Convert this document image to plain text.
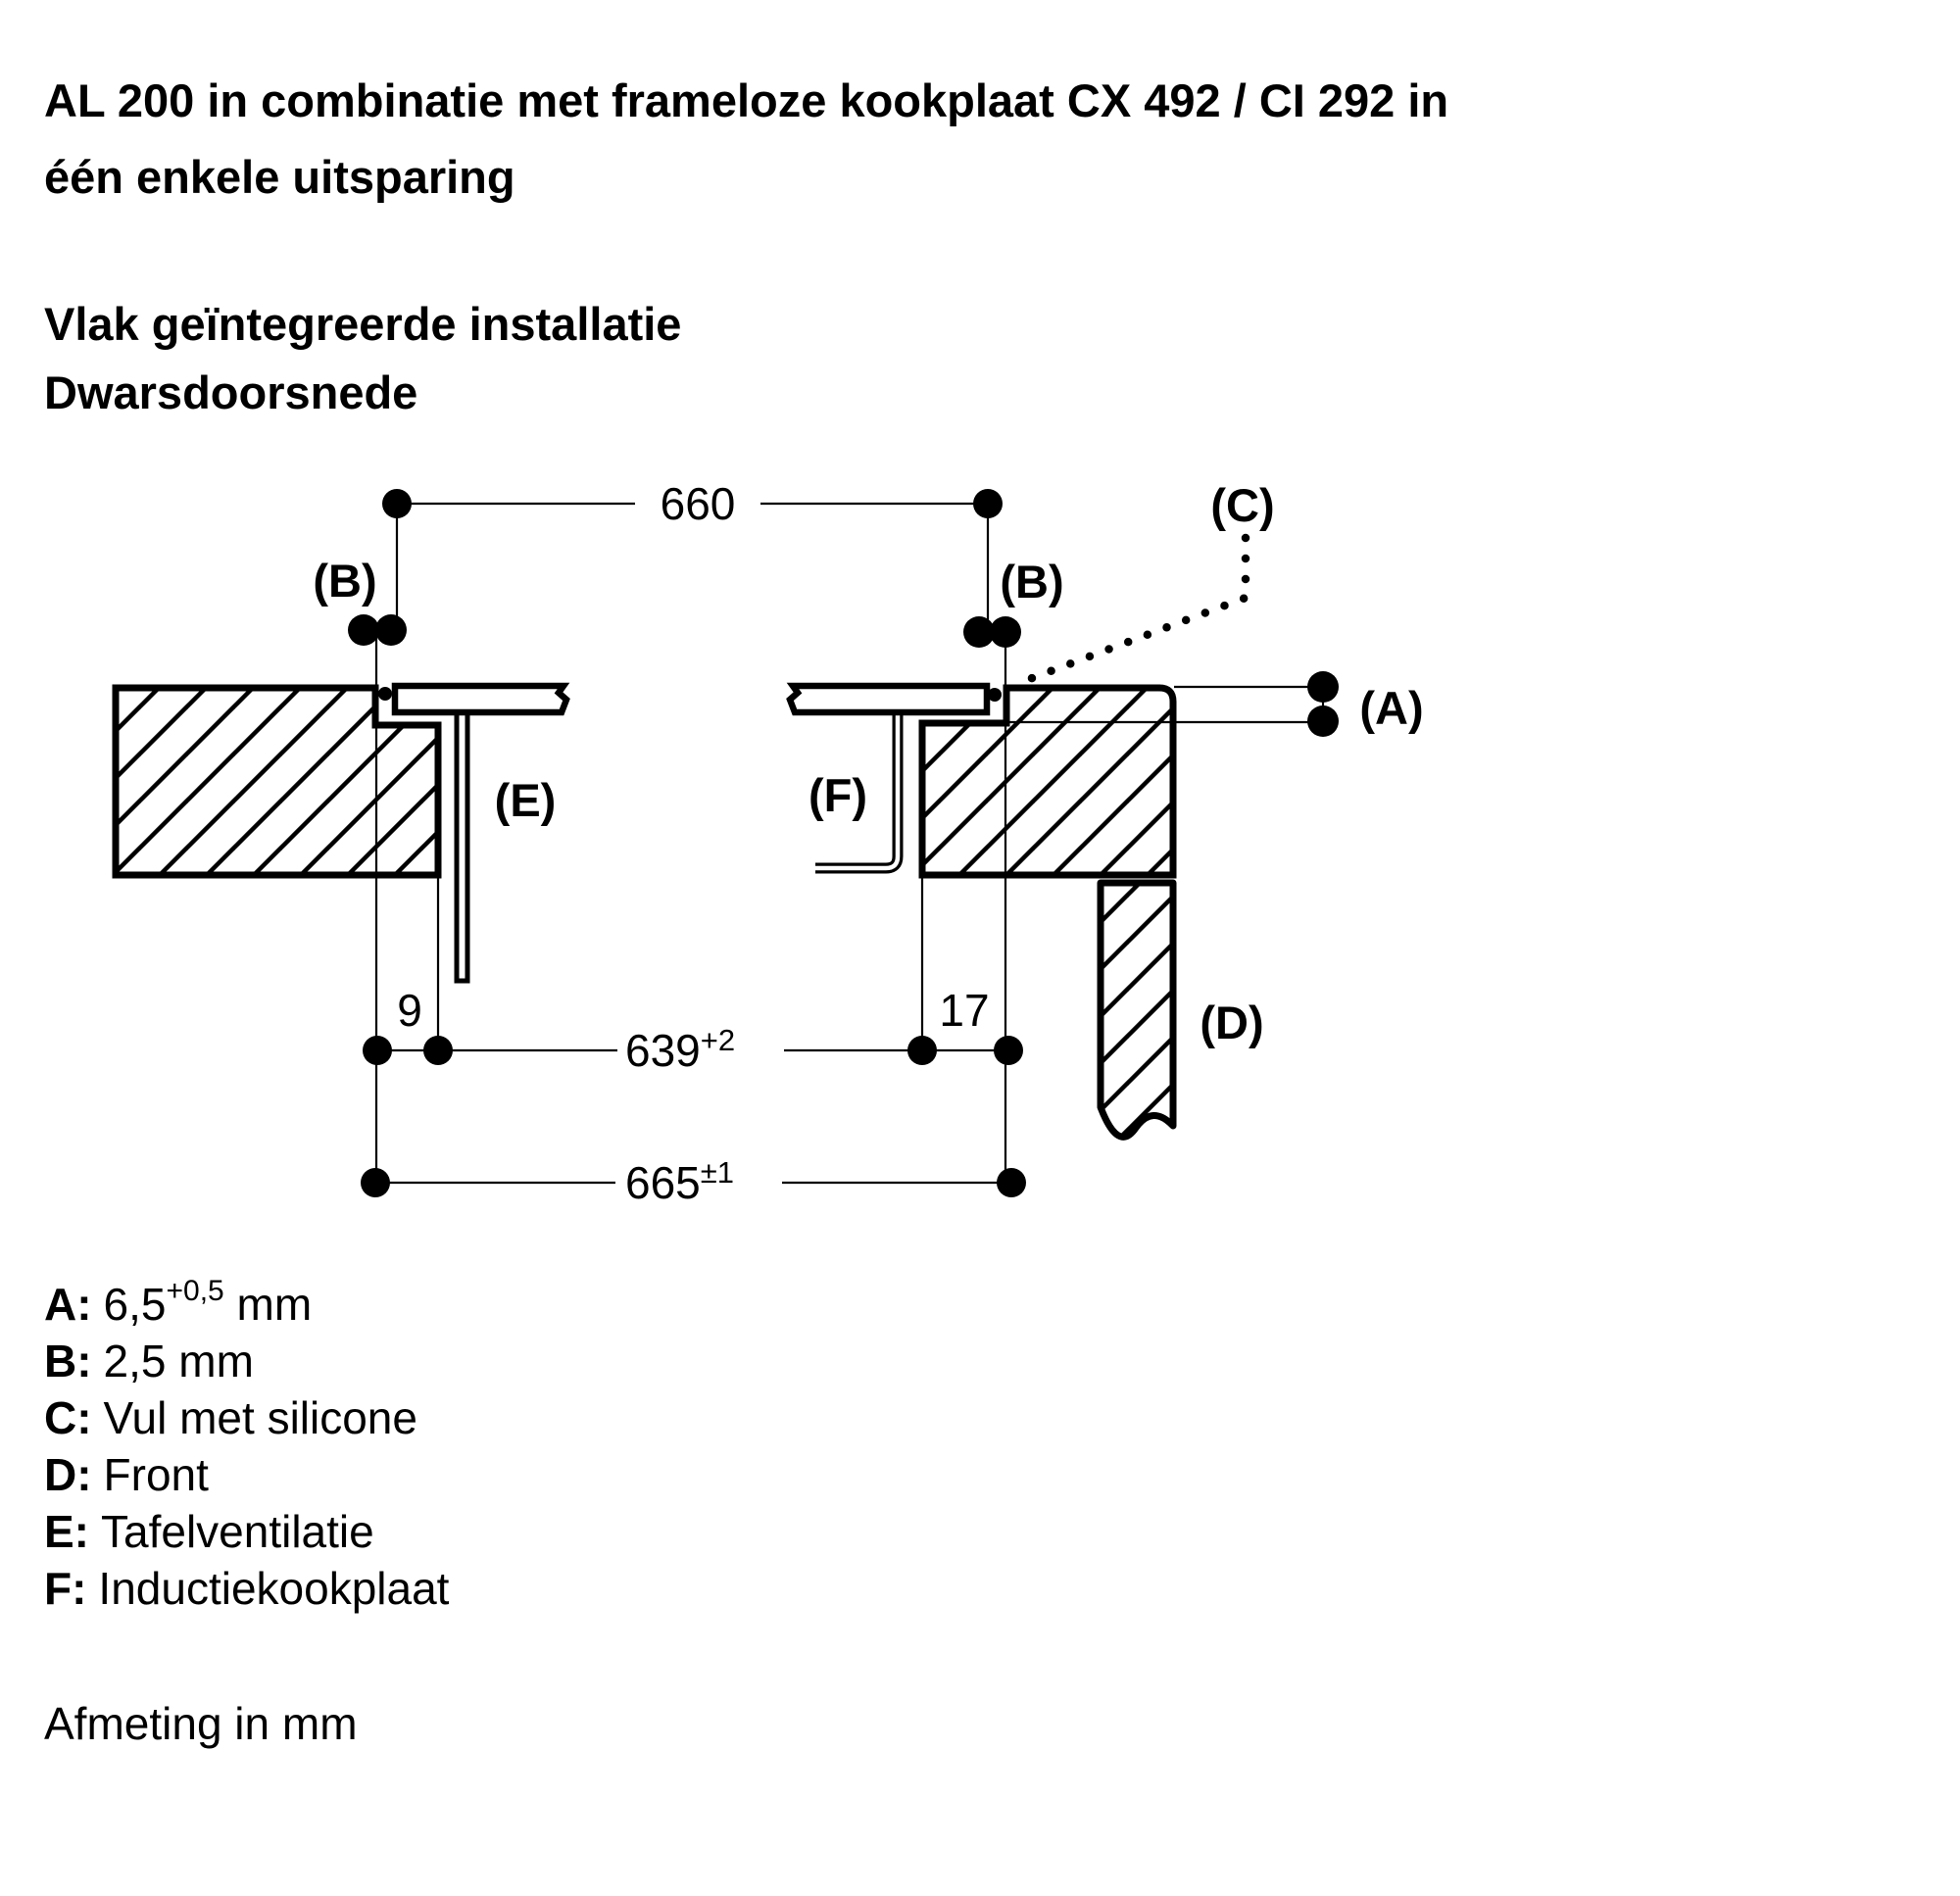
AL 200 in combinatie met frameloze kookplaat CX 492 / CI 292 in
één enkele uitsparing
Vlak geïntegreerde installatie
Dwarsdoorsnede
660
9	17
$639^{+2}$
$665^{\pm 1}$
(A)
(B)	(B)
(C)
(D)
(E)	(F)
A: $6,5^{+0,5}$ mm
B: 2,5 mm
C: Vul met silicone
D: Front
E: Tafelventilatie
F: Inductiekookplaat
Afmeting in mm
